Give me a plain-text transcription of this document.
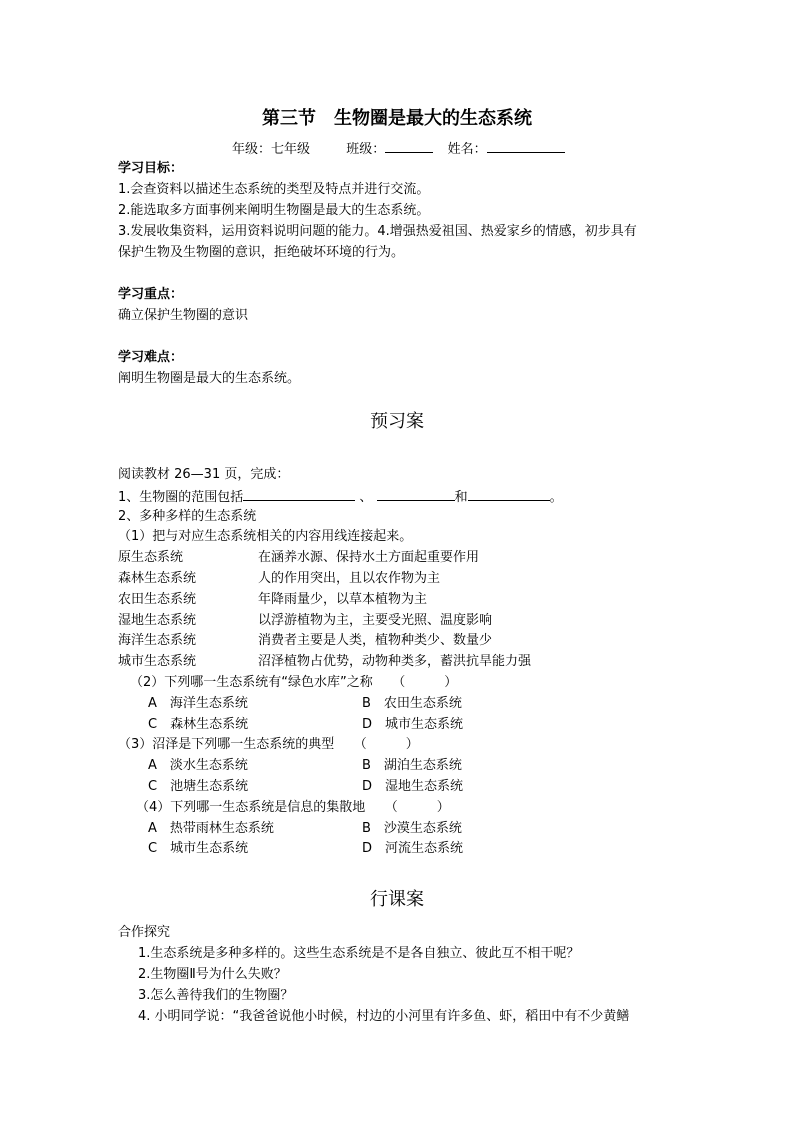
第三节　生物圈是最大的生态系统
年级：七年级	班级：	姓名：
学习目标：
1.会查资料以描述生态系统的类型及特点并进行交流。
2.能选取多方面事例来阐明生物圈是最大的生态系统。
3.发展收集资料，运用资料说明问题的能力。4.增强热爱祖国、热爱家乡的情感，初步具有
保护生物及生物圈的意识，拒绝破坏环境的行为。
学习重点：
确立保护生物圈的意识
学习难点：
阐明生物圈是最大的生态系统。
预习案
阅读教材 26—31 页，完成：
1、生物圈的范围包括	、	和	。
2、多种多样的生态系统
（1）把与对应生态系统相关的内容用线连接起来。
原生态系统	在涵养水源、保持水土方面起重要作用
森林生态系统	人的作用突出，且以农作物为主
农田生态系统	年降雨量少，以草本植物为主
湿地生态系统	以浮游植物为主，主要受光照、温度影响
海洋生态系统	消费者主要是人类，植物种类少、数量少
城市生态系统	沼泽植物占优势，动物种类多，蓄洪抗旱能力强
（2）下列哪一生态系统有“绿色水库”之称　　（　　　）
A　海洋生态系统	B　农田生态系统
C　森林生态系统	D　城市生态系统
（3）沼泽是下列哪一生态系统的典型　　（　　　）
A　淡水生态系统	B　湖泊生态系统
C　池塘生态系统	D　湿地生态系统
（4）下列哪一生态系统是信息的集散地　　（　　　）
A　热带雨林生态系统	B　沙漠生态系统
C　城市生态系统	D　河流生态系统
行课案
合作探究
1.生态系统是多种多样的。这些生态系统是不是各自独立、彼此互不相干呢？
2.生物圈Ⅱ号为什么失败？
3.怎么善待我们的生物圈？
4. 小明同学说：“我爸爸说他小时候，村边的小河里有许多鱼、虾，稻田中有不少黄鳝
